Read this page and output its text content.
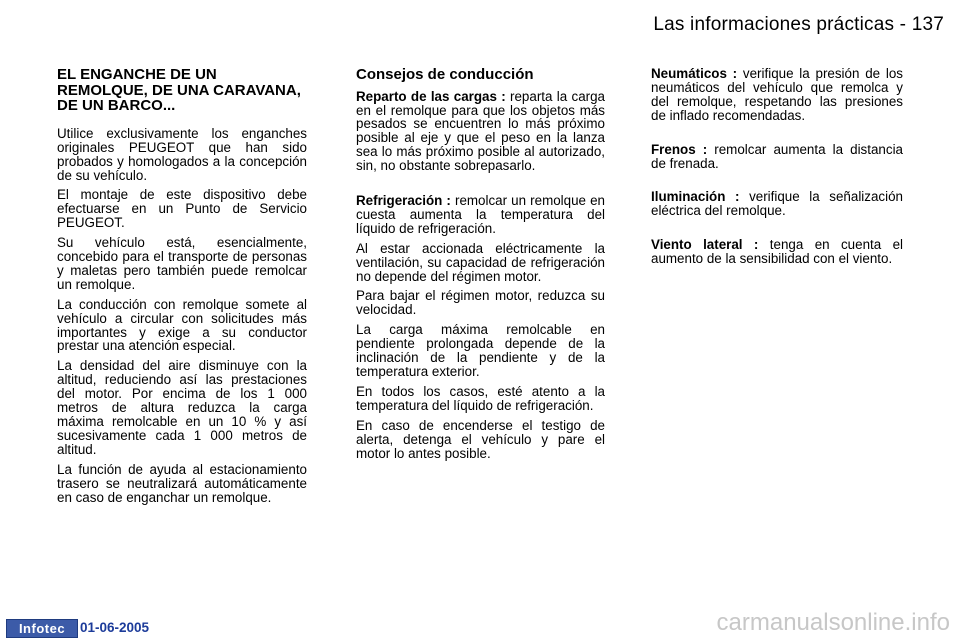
Las informaciones prácticas - 137
EL ENGANCHE DE UN REMOLQUE, DE UNA CARAVANA, DE UN BARCO...

Utilice exclusivamente los enganches originales PEUGEOT que han sido probados y homologados a la concepción de su vehículo.

El montaje de este dispositivo debe efectuarse en un Punto de Servicio PEUGEOT.

Su vehículo está, esencialmente, concebido para el transporte de personas y maletas pero también puede remolcar un remolque.

La conducción con remolque somete al vehículo a circular con solicitudes más importantes y exige a su conductor prestar una atención especial.

La densidad del aire disminuye con la altitud, reduciendo así las prestaciones del motor. Por encima de los 1 000 metros de altura reduzca la carga máxima remolcable en un 10 % y así sucesivamente cada 1 000 metros de altitud.

La función de ayuda al estacionamiento trasero se neutralizará automáticamente en caso de enganchar un remolque.

Consejos de conducción

Reparto de las cargas : reparta la carga en el remolque para que los objetos más pesados se encuentren lo más próximo posible al eje y que el peso en la lanza sea lo más próximo posible al autorizado, sin, no obstante sobrepasarlo.

Refrigeración : remolcar un remolque en cuesta aumenta la temperatura del líquido de refrigeración.

Al estar accionada eléctricamente la ventilación, su capacidad de refrigeración no depende del régimen motor.

Para bajar el régimen motor, reduzca su velocidad.

La carga máxima remolcable en pendiente prolongada depende de la inclinación de la pendiente y de la temperatura exterior.

En todos los casos, esté atento a la temperatura del líquido de refrigeración.

En caso de encenderse el testigo de alerta, detenga el vehículo y pare el motor lo antes posible.

Neumáticos : verifique la presión de los neumáticos del vehículo que remolca y del remolque, respetando las presiones de inflado recomendadas.

Frenos : remolcar aumenta la distancia de frenada.

Iluminación : verifique la señalización eléctrica del remolque.

Viento lateral : tenga en cuenta el aumento de la sensibilidad con el viento.

Infotec	01-06-2005	carmanualsonline.info
